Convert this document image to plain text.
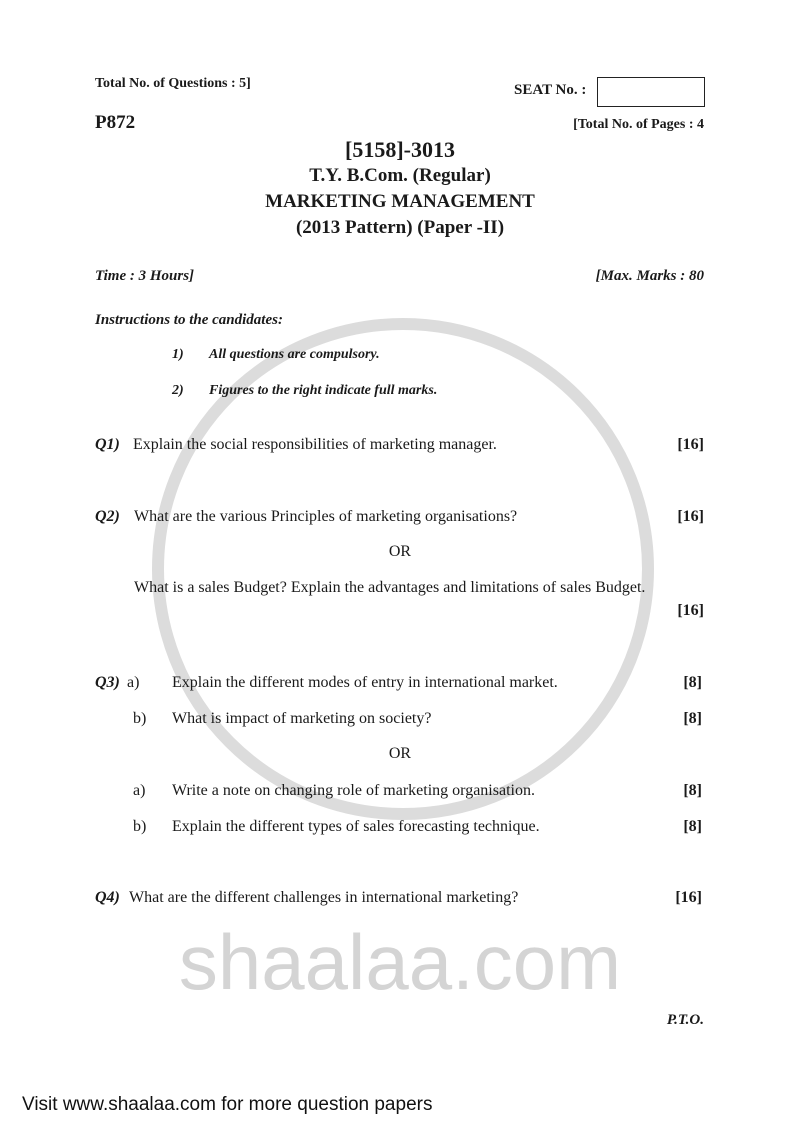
shaalaa.com
Total No. of Questions : 5]	SEAT No. :
P872	[Total No. of Pages : 4
[5158]-3013
T.Y. B.Com. (Regular)
MARKETING MANAGEMENT
(2013 Pattern) (Paper -II)
Time : 3 Hours]	[Max. Marks : 80
Instructions to the candidates:
1) All questions are compulsory.
2) Figures to the right indicate full marks.
Q1) Explain the social responsibilities of marketing manager.	[16]
Q2) What are the various Principles of marketing organisations?	[16]
OR
What is a sales Budget? Explain the advantages and limitations of sales Budget.
[16]
Q3) a) Explain the different modes of entry in international market.	[8]
b) What is impact of marketing on society?	[8]
OR
a) Write a note on changing role of marketing organisation.	[8]
b) Explain the different types of sales forecasting technique.	[8]
Q4) What are the different challenges in international marketing?	[16]
P.T.O.
Visit www.shaalaa.com for more question papers
